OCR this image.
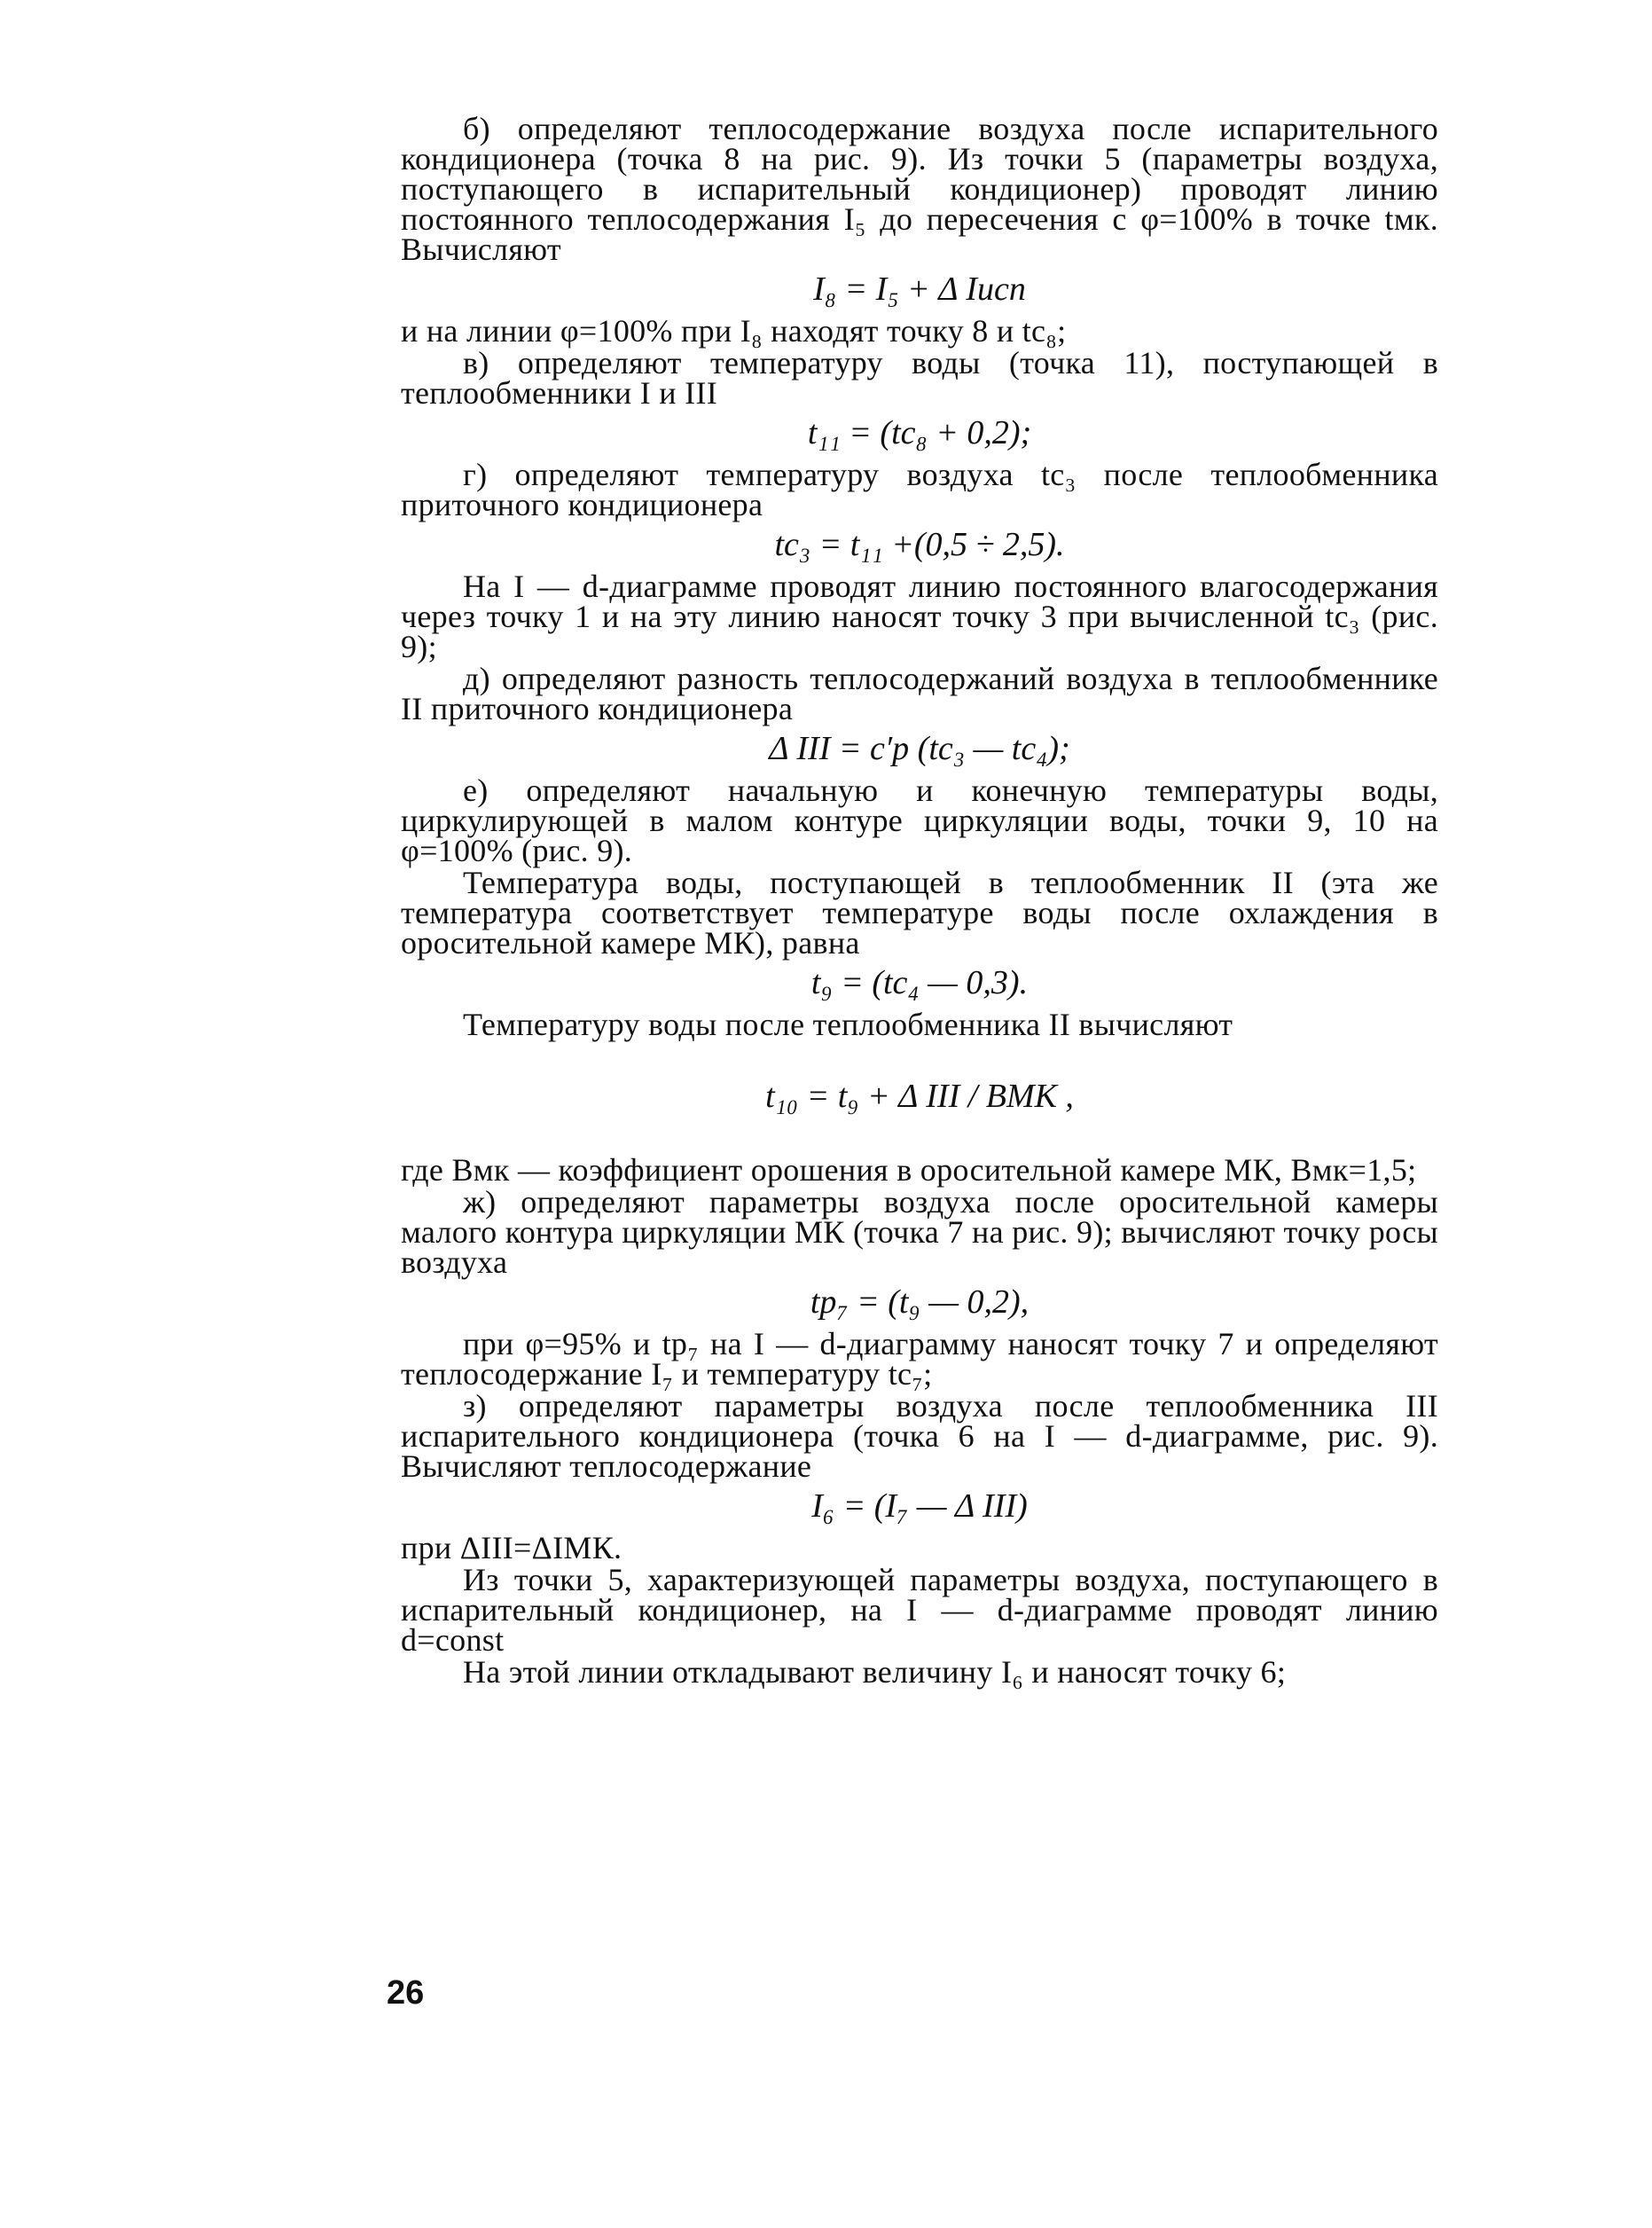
б) определяют теплосодержание воздуха после испарительного кондиционера (точка 8 на рис. 9). Из точки 5 (параметры воздуха, поступающего в испарительный кондиционер) проводят линию постоянного теплосодержания I₅ до пересечения с φ=100% в точке tмк. Вычисляют

I₈ = I₅ + Δ Iисп

и на линии φ=100% при I₈ находят точку 8 и tс₈;

в) определяют температуру воды (точка 11), поступающей в теплообменники I и III

t₁₁ = (tс₈ + 0,2);

г) определяют температуру воздуха tс₃ после теплообменника приточного кондиционера

tс₃ = t₁₁ +(0,5 ÷ 2,5).

На I — d-диаграмме проводят линию постоянного влагосодержания через точку 1 и на эту линию наносят точку 3 при вычисленной tс₃ (рис. 9);

д) определяют разность теплосодержаний воздуха в теплообменнике II приточного кондиционера

Δ III = c′p (tс₃ — tс₄);

е) определяют начальную и конечную температуры воды, циркулирующей в малом контуре циркуляции воды, точки 9, 10 на φ=100% (рис. 9).

Температура воды, поступающей в теплообменник II (эта же температура соответствует температуре воды после охлаждения в оросительной камере МК), равна

t₉ = (tс₄ — 0,3).

Температуру воды после теплообменника II вычисляют

t₁₀ = t₉ + Δ III / BМК ,

где Bмк — коэффициент орошения в оросительной камере МК, Bмк=1,5;

ж) определяют параметры воздуха после оросительной камеры малого контура циркуляции МК (точка 7 на рис. 9); вычисляют точку росы воздуха

tр₇ = (t₉ — 0,2),

при φ=95% и tр₇ на I — d-диаграмму наносят точку 7 и определяют теплосодержание I₇ и температуру tс₇;

з) определяют параметры воздуха после теплообменника III испарительного кондиционера (точка 6 на I — d-диаграмме, рис. 9). Вычисляют теплосодержание

I₆ = (I₇ — Δ III)

при ΔIII=ΔIМК.

Из точки 5, характеризующей параметры воздуха, поступающего в испарительный кондиционер, на I — d-диаграмме проводят линию d=const

На этой линии откладывают величину I₆ и наносят точку 6;

26
